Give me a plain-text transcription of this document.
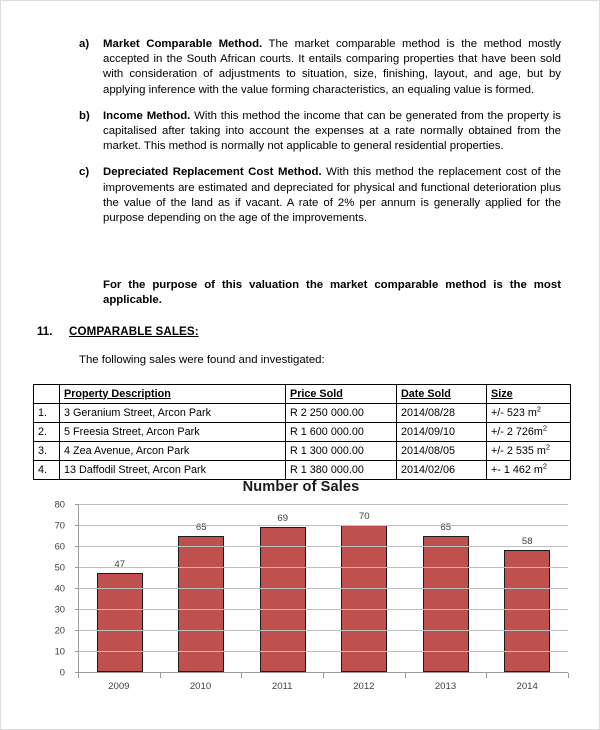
a)	Market Comparable Method. The market comparable method is the method mostly accepted in the South African courts. It entails comparing properties that have been sold with consideration of adjustments to situation, size, finishing, layout, and age, but by applying inference with the value forming characteristics, an equaling value is formed.
b)	Income Method. With this method the income that can be generated from the property is capitalised after taking into account the expenses at a rate normally obtained from the market. This method is normally not applicable to general residential properties.
c)	Depreciated Replacement Cost Method. With this method the replacement cost of the improvements are estimated and depreciated for physical and functional deterioration plus the value of the land as if vacant. A rate of 2% per annum is generally applied for the purpose depending on the age of the improvements.
For the purpose of this valuation the market comparable method is the most applicable.
11.	COMPARABLE SALES:
The following sales were found and investigated:
	Property Description	Price Sold	Date Sold	Size
1.	3 Geranium Street, Arcon Park	R 2 250 000.00	2014/08/28	+/- 523 $m^2$
2.	5 Freesia Street, Arcon Park	R 1 600 000.00	2014/09/10	+/- 2 $726m^2$
3.	4 Zea Avenue, Arcon Park	R 1 300 000.00	2014/08/05	+/- 2 535 $m^2$
4.	13 Daffodil Street, Arcon Park	R 1 380 000.00	2014/02/06	+- 1 462 $m^2$
Number of Sales
80
70
60
50
40
30
20
10
0
47
65
69	70
65
58
2009	2010	2011	2012	2013	2014
